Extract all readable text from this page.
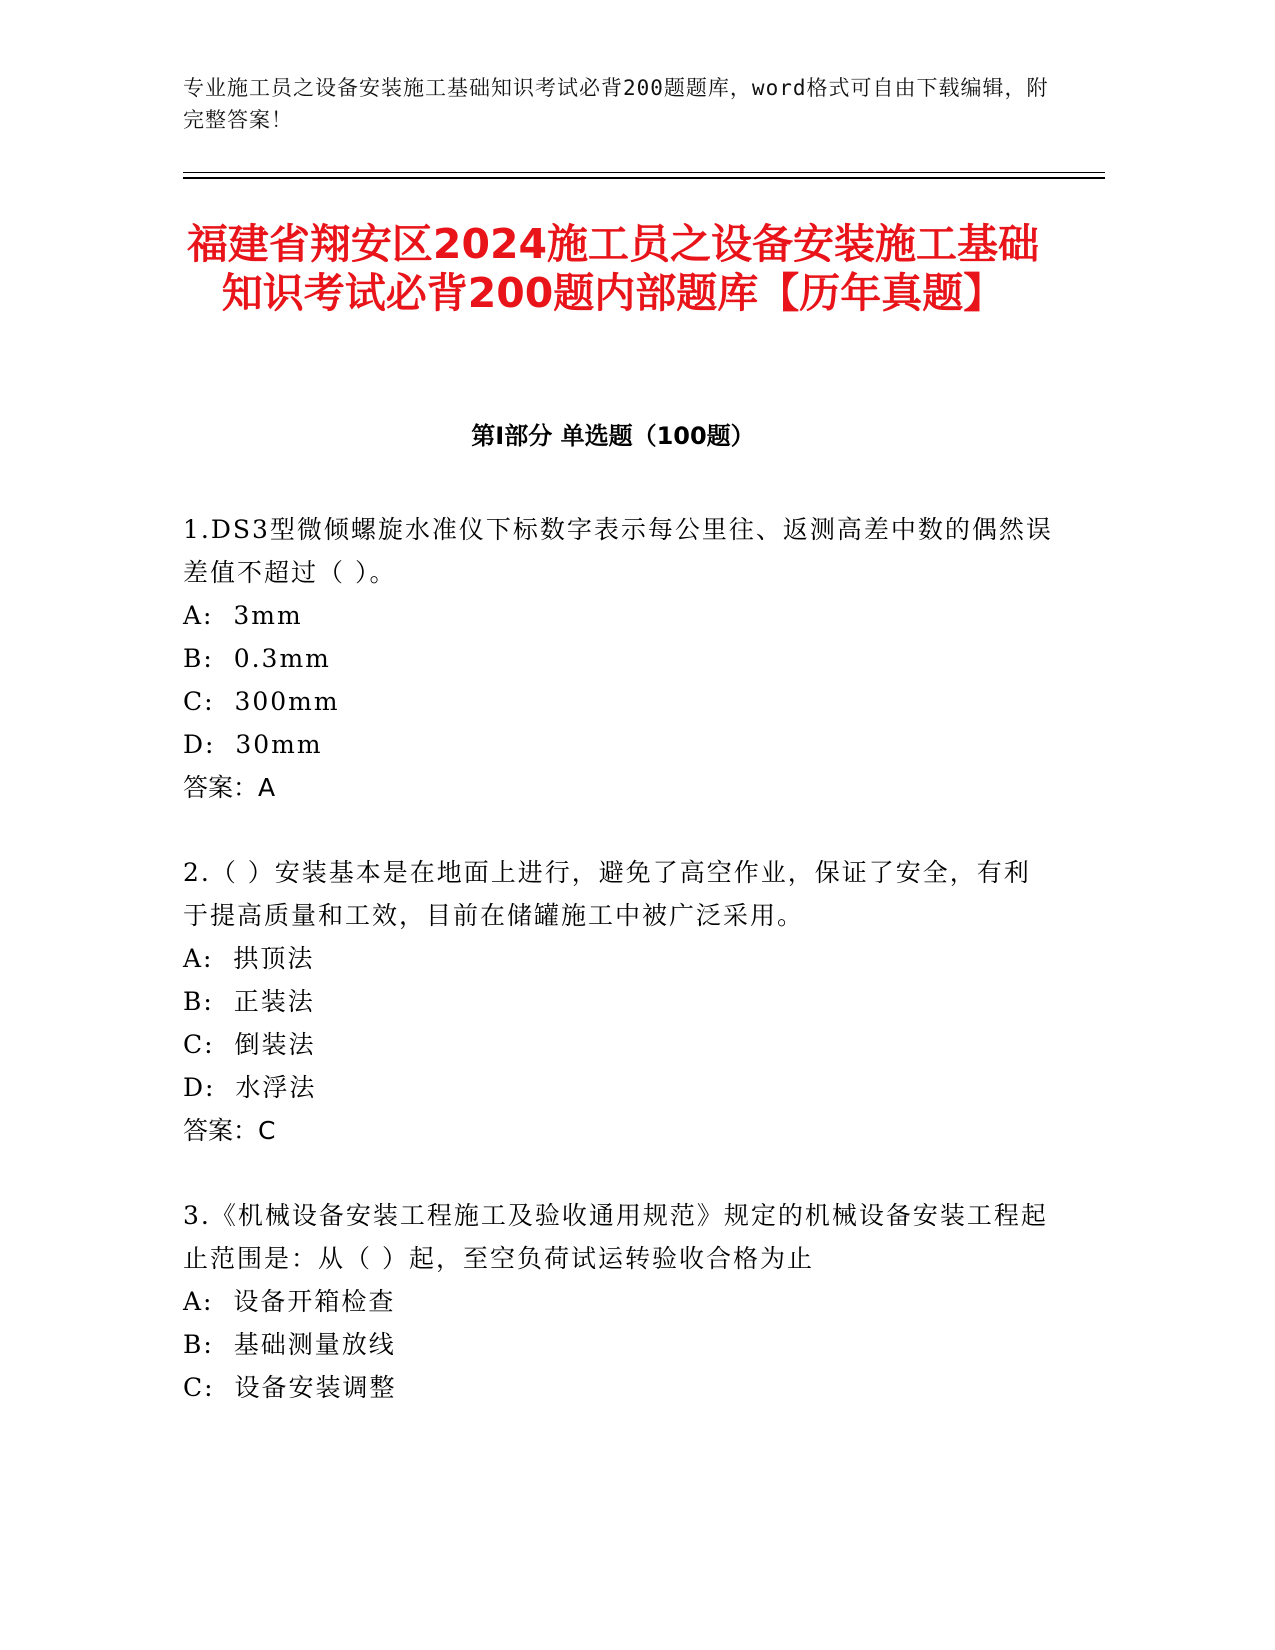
专业施工员之设备安装施工基础知识考试必背200题题库，word格式可自由下载编辑，附完整答案！
福建省翔安区2024施工员之设备安装施工基础知识考试必背200题内部题库【历年真题】
第I部分 单选题（100题）

1.DS3型微倾螺旋水准仪下标数字表示每公里往、返测高差中数的偶然误差值不超过（ ）。

A:  3mm

B:  0.3mm

C:  300mm

D:  30mm

答案：A

2.（ ）安装基本是在地面上进行，避免了高空作业，保证了安全，有利于提高质量和工效，目前在储罐施工中被广泛采用。

A:  拱顶法

B:  正装法

C:  倒装法

D:  水浮法

答案：C

3.《机械设备安装工程施工及验收通用规范》规定的机械设备安装工程起止范围是：从（ ）起，至空负荷试运转验收合格为止

A:  设备开箱检查

B:  基础测量放线

C:  设备安装调整
